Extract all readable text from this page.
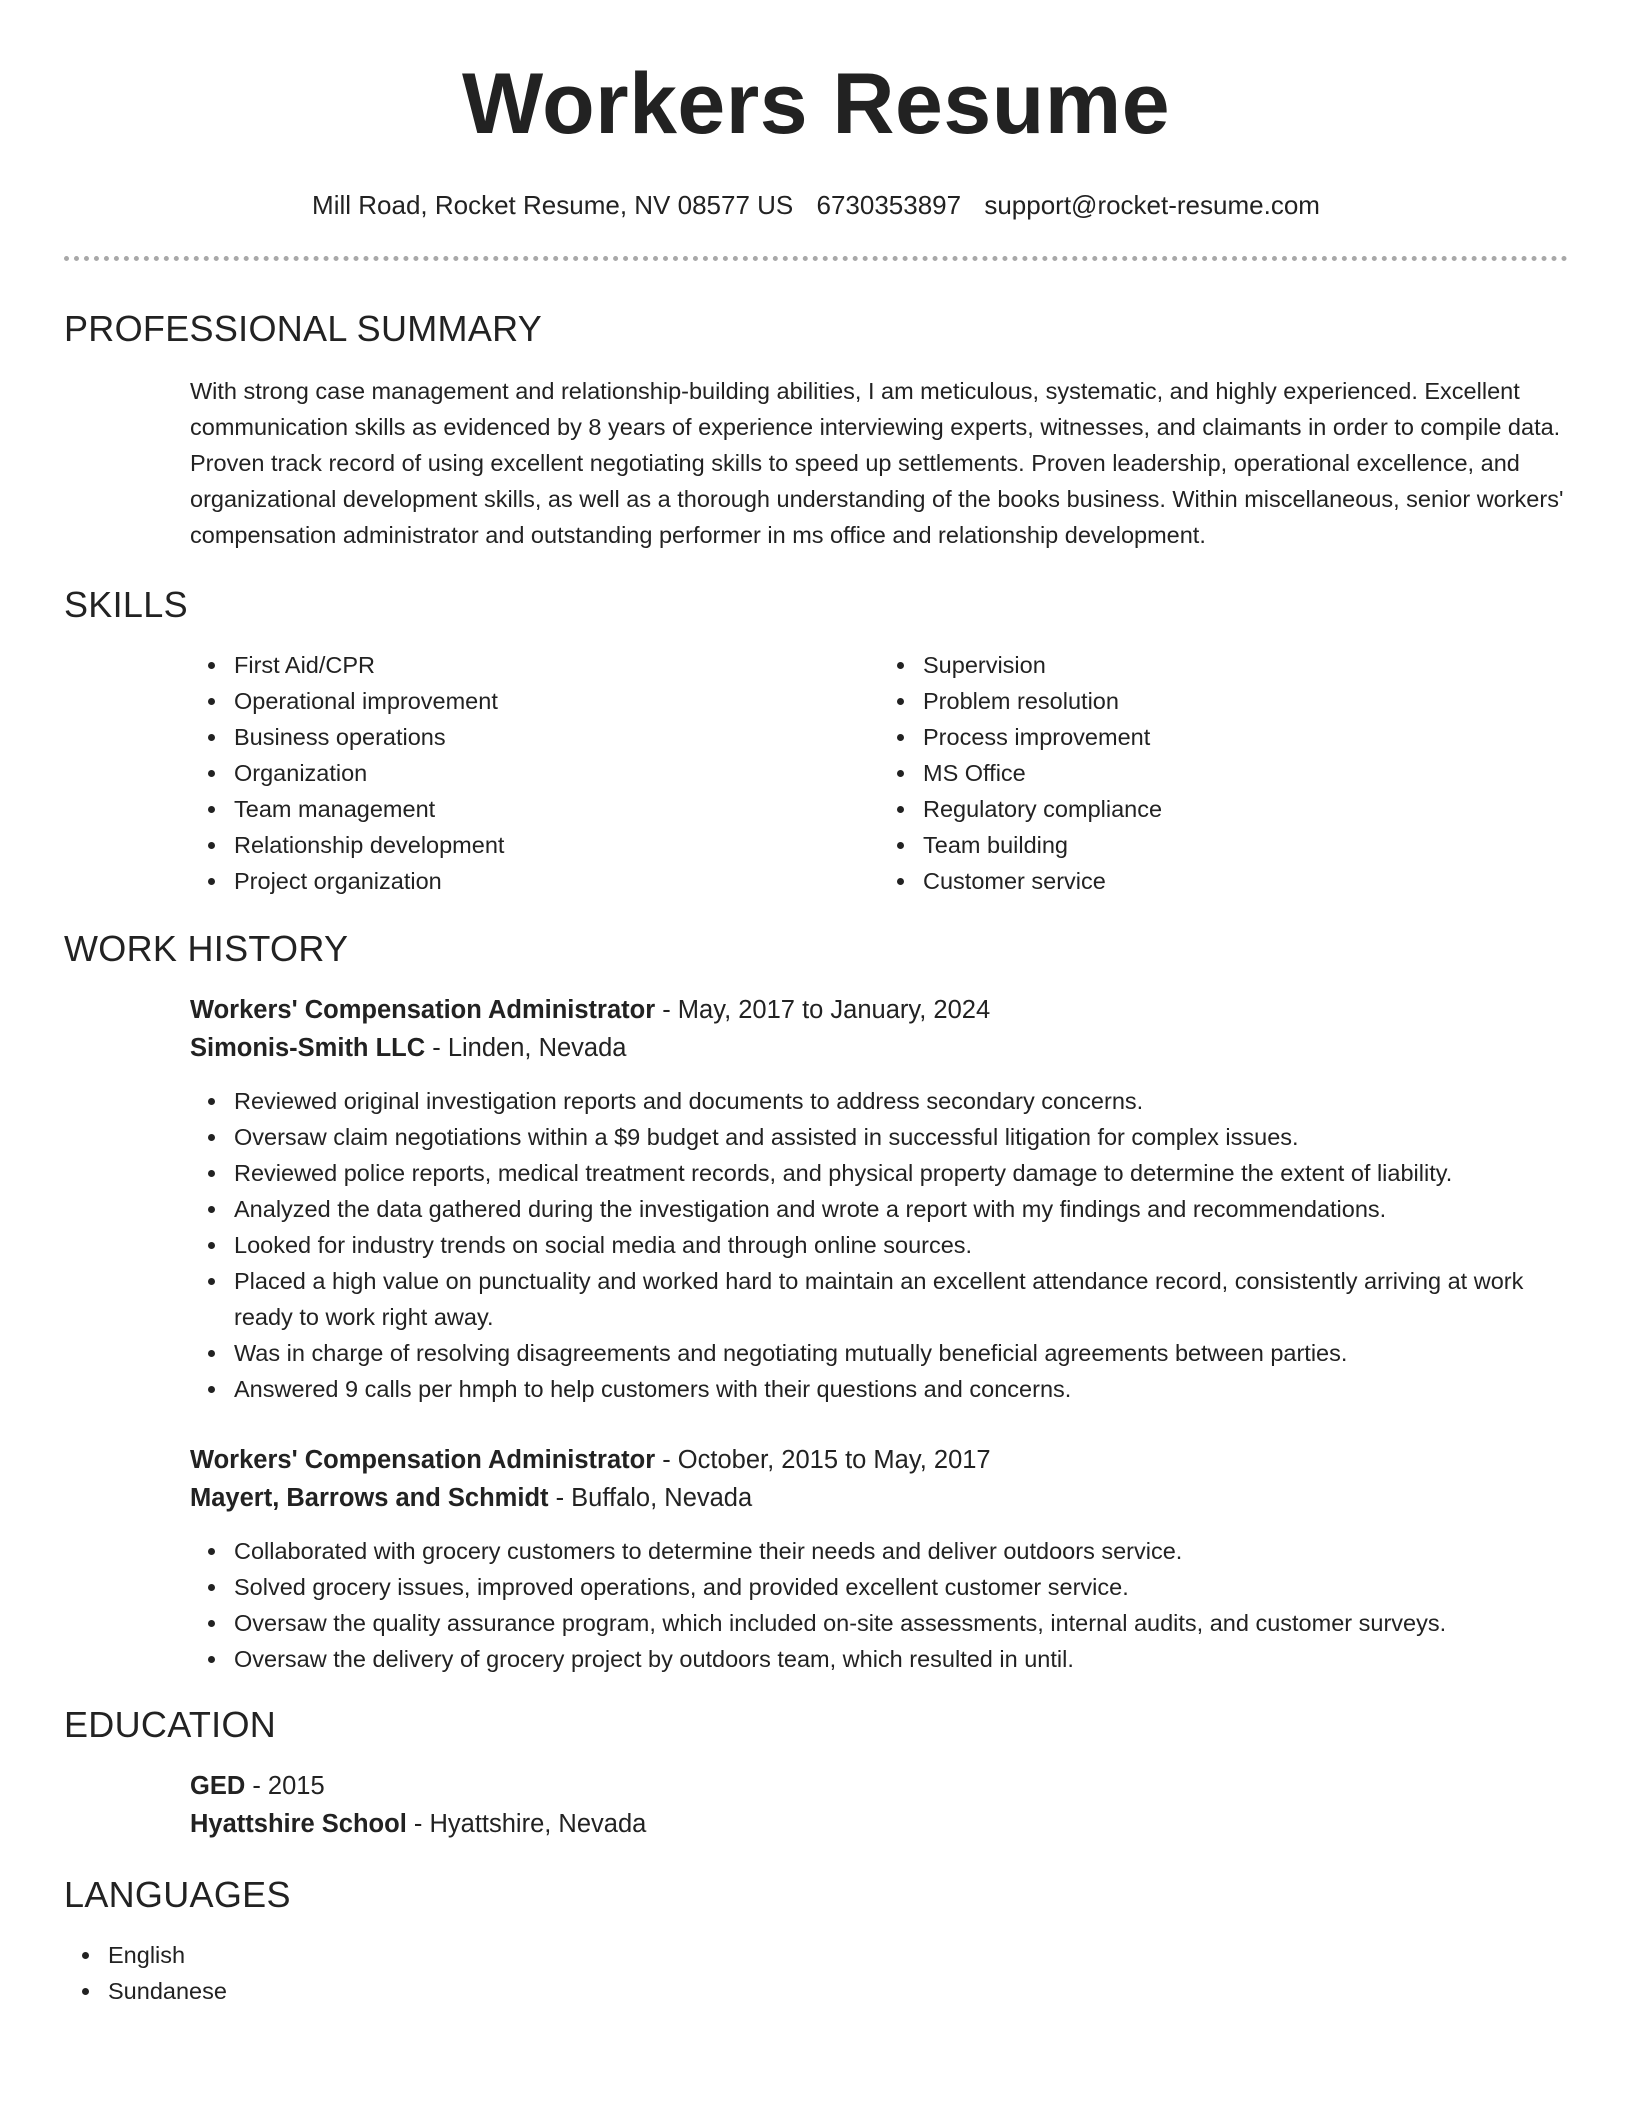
Workers Resume
Mill Road, Rocket Resume, NV 08577 US 6730353897 support@rocket-resume.com
PROFESSIONAL SUMMARY
With strong case management and relationship-building abilities, I am meticulous, systematic, and highly experienced. Excellent communication skills as evidenced by 8 years of experience interviewing experts, witnesses, and claimants in order to compile data. Proven track record of using excellent negotiating skills to speed up settlements. Proven leadership, operational excellence, and organizational development skills, as well as a thorough understanding of the books business. Within miscellaneous, senior workers' compensation administrator and outstanding performer in ms office and relationship development.
SKILLS
First Aid/CPR
Operational improvement
Business operations
Organization
Team management
Relationship development
Project organization
Supervision
Problem resolution
Process improvement
MS Office
Regulatory compliance
Team building
Customer service
WORK HISTORY
Workers' Compensation Administrator - May, 2017 to January, 2024
Simonis-Smith LLC - Linden, Nevada
Reviewed original investigation reports and documents to address secondary concerns.
Oversaw claim negotiations within a $9 budget and assisted in successful litigation for complex issues.
Reviewed police reports, medical treatment records, and physical property damage to determine the extent of liability.
Analyzed the data gathered during the investigation and wrote a report with my findings and recommendations.
Looked for industry trends on social media and through online sources.
Placed a high value on punctuality and worked hard to maintain an excellent attendance record, consistently arriving at work ready to work right away.
Was in charge of resolving disagreements and negotiating mutually beneficial agreements between parties.
Answered 9 calls per hmph to help customers with their questions and concerns.
Workers' Compensation Administrator - October, 2015 to May, 2017
Mayert, Barrows and Schmidt - Buffalo, Nevada
Collaborated with grocery customers to determine their needs and deliver outdoors service.
Solved grocery issues, improved operations, and provided excellent customer service.
Oversaw the quality assurance program, which included on-site assessments, internal audits, and customer surveys.
Oversaw the delivery of grocery project by outdoors team, which resulted in until.
EDUCATION
GED - 2015
Hyattshire School - Hyattshire, Nevada
LANGUAGES
English
Sundanese
